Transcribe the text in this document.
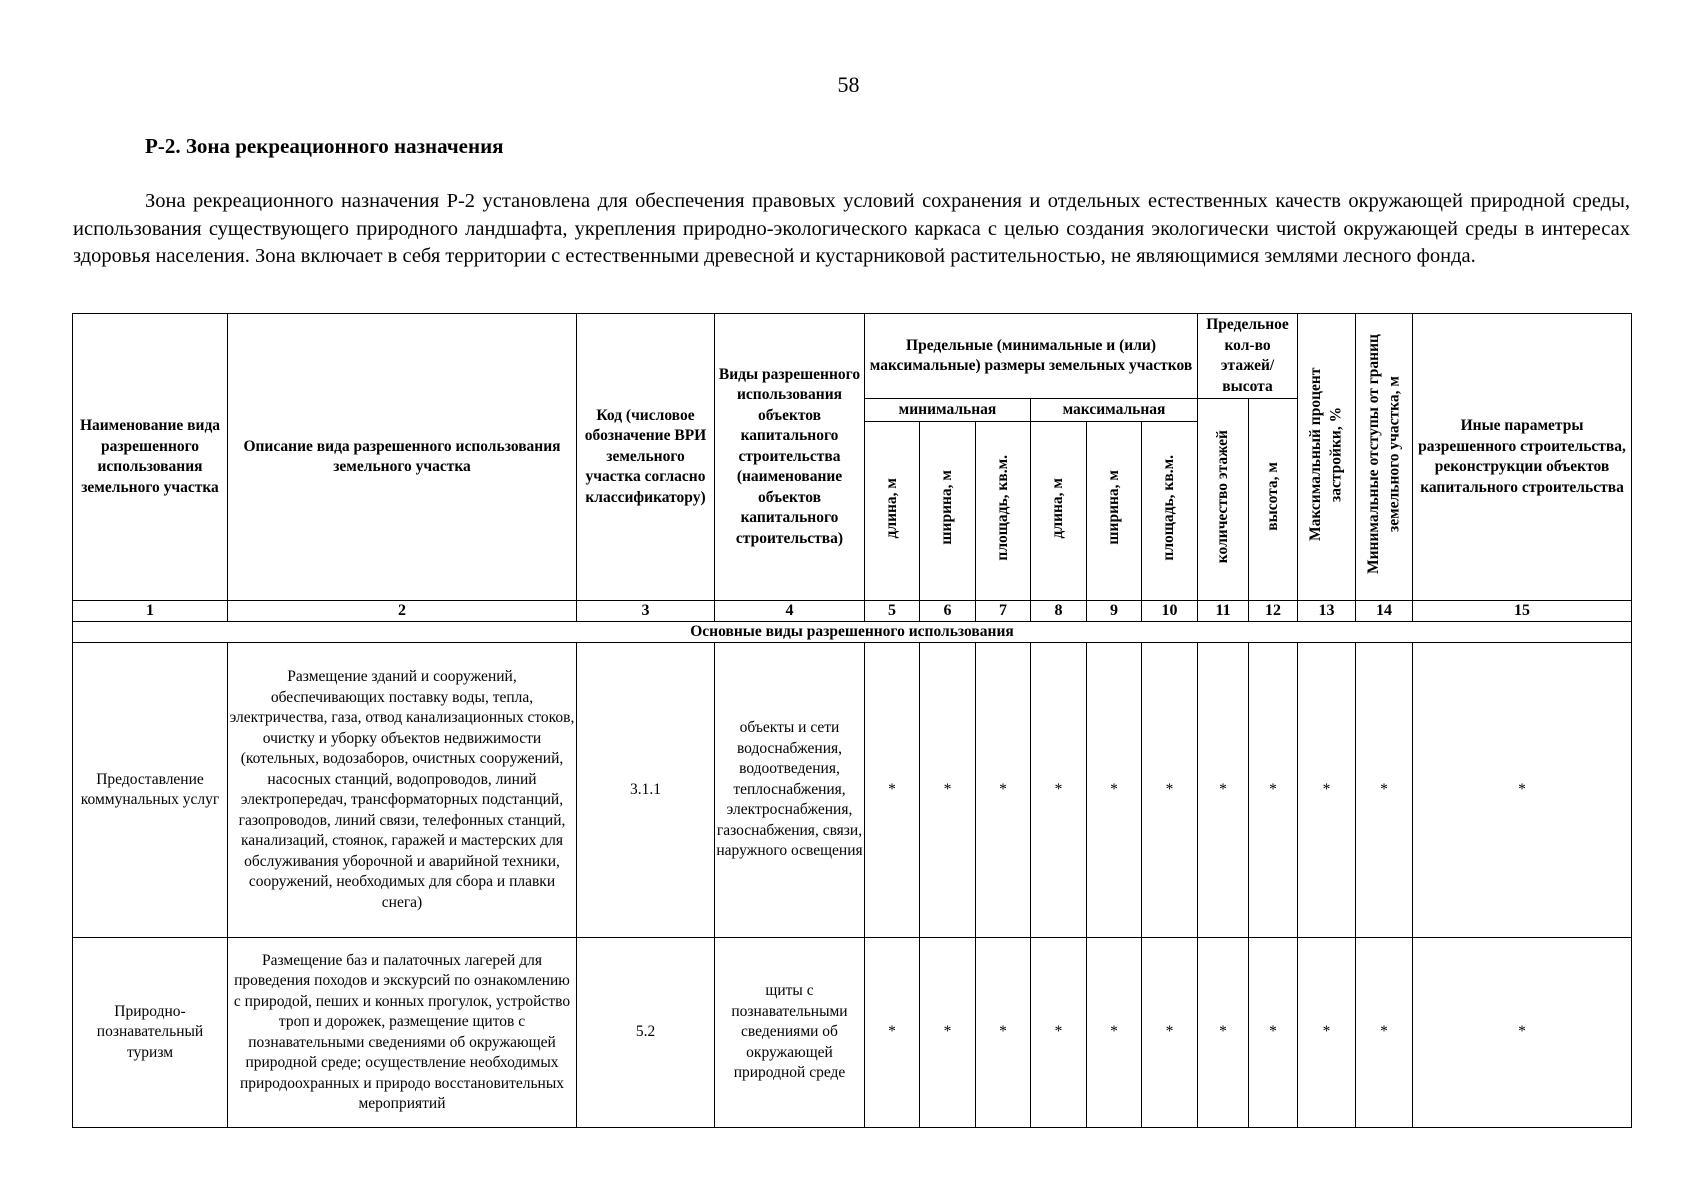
58
Р-2. Зона рекреационного назначения

Зона рекреационного назначения Р-2 установлена для обеспечения правовых условий сохранения и отдельных естественных качеств окружающей природной среды, использования существующего природного ландшафта, укрепления природно-экологического каркаса с целью создания экологически чистой окружающей среды в интересах здоровья населения. Зона включает в себя территории с естественными древесной и кустарниковой растительностью, не являющимися землями лесного фонда.

Наименование вида разрешенного использования земельного участка	Описание вида разрешенного использования земельного участка	Код (числовое обозначение ВРИ земельного участка согласно классификатору)	Виды разрешенного использования объектов капитального строительства (наименование объектов капитального строительства)	Предельные (минимальные и (или) максимальные) размеры земельных участков						Предельное кол-во этажей/ высота		Максимальный процент застройки, %	Минимальные отступы от границ земельного участка, м	Иные параметры разрешенного строительства, реконструкции объектов капитального строительства
				минимальная			максимальная			количество этажей	высота, м			
				длина, м	ширина, м	площадь, кв.м.	длина, м	ширина, м	площадь, кв.м.					
1	2	3	4	5	6	7	8	9	10	11	12	13	14	15
Основные виды разрешенного использования														
Предоставление коммунальных услуг	Размещение зданий и сооружений, обеспечивающих поставку воды, тепла, электричества, газа, отвод канализационных стоков, очистку и уборку объектов недвижимости (котельных, водозаборов, очистных сооружений, насосных станций, водопроводов, линий электропередач, трансформаторных подстанций, газопроводов, линий связи, телефонных станций, канализаций, стоянок, гаражей и мастерских для обслуживания уборочной и аварийной техники, сооружений, необходимых для сбора и плавки снега)	3.1.1	объекты и сети водоснабжения, водоотведения, теплоснабжения, электроснабжения, газоснабжения, связи, наружного освещения	*	*	*	*	*	*	*	*	*	*	*
Природно-познавательный туризм	Размещение баз и палаточных лагерей для проведения походов и экскурсий по ознакомлению с природой, пеших и конных прогулок, устройство троп и дорожек, размещение щитов с познавательными сведениями об окружающей природной среде; осуществление необходимых природоохранных и природо восстановительных мероприятий	5.2	щиты с познавательными сведениями об окружающей природной среде	*	*	*	*	*	*	*	*	*	*	*
